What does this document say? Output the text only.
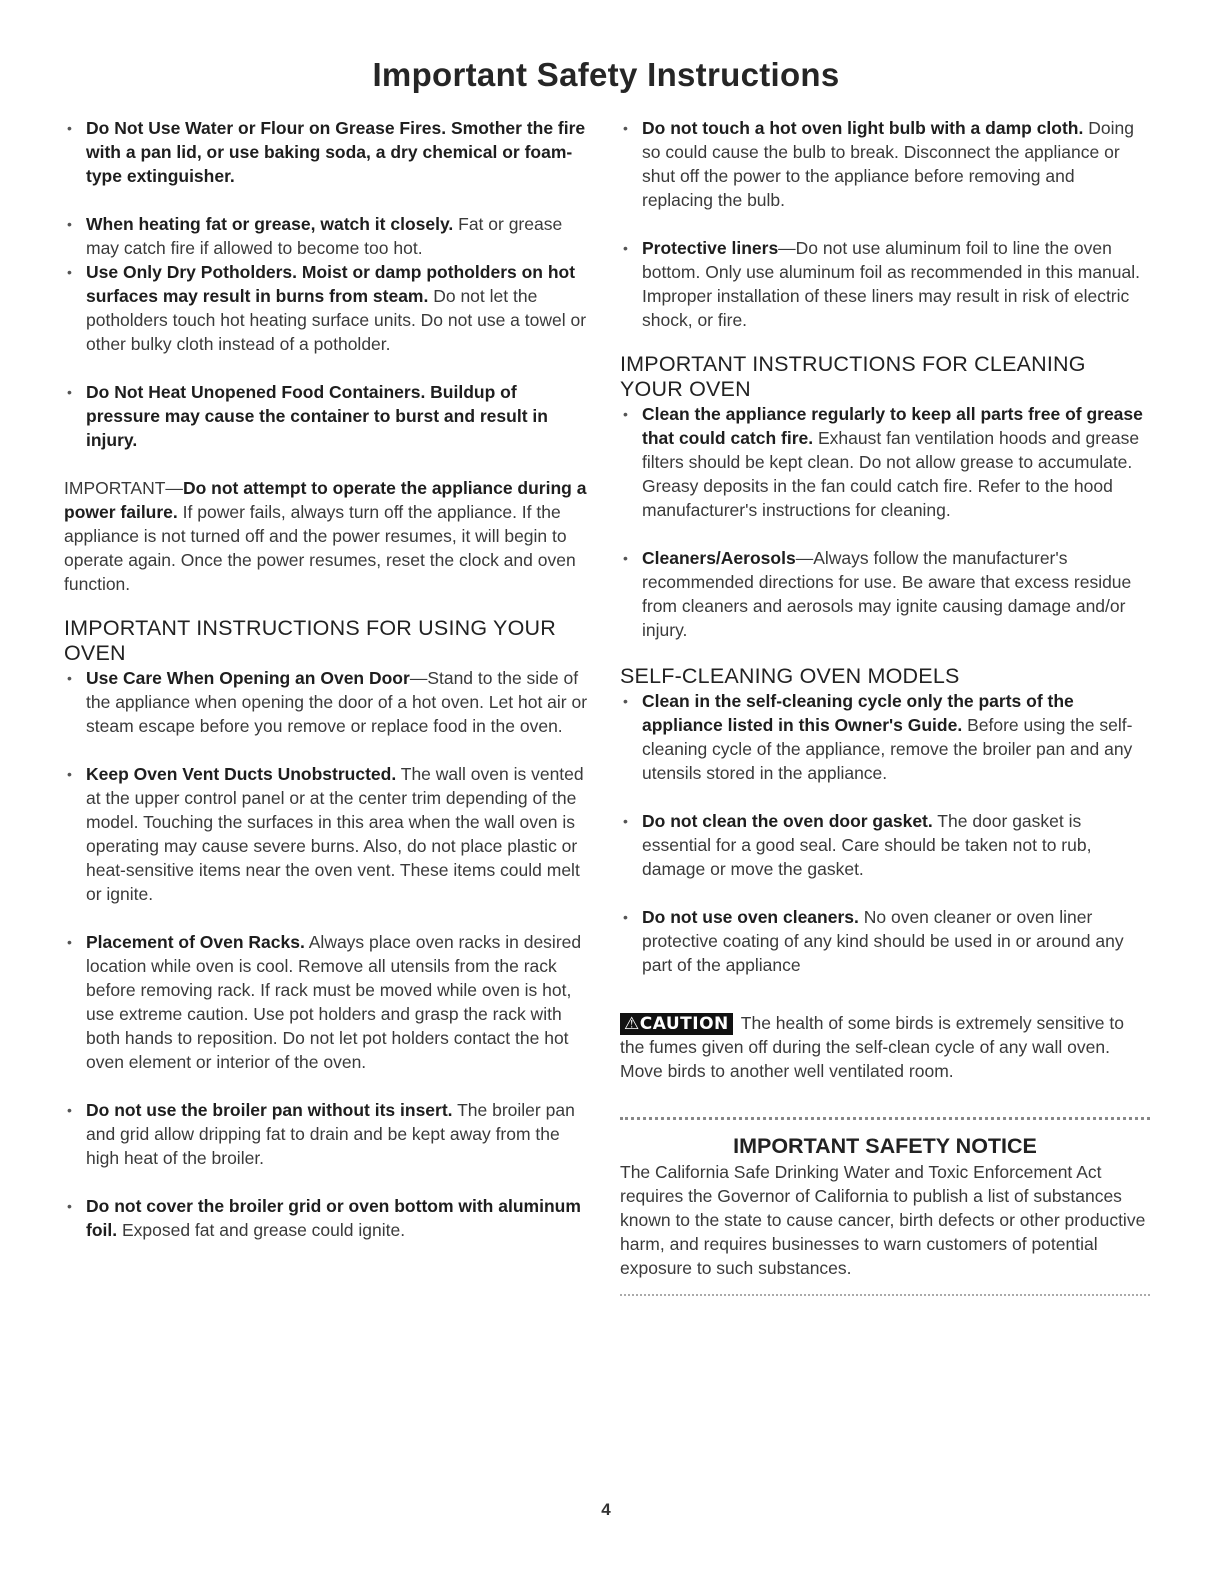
Important Safety Instructions
• Do Not Use Water or Flour on Grease Fires. Smother the fire with a pan lid, or use baking soda, a dry chemical or foam-type extinguisher.
• When heating fat or grease, watch it closely. Fat or grease may catch fire if allowed to become too hot.
• Use Only Dry Potholders. Moist or damp potholders on hot surfaces may result in burns from steam. Do not let the potholders touch hot heating surface units. Do not use a towel or other bulky cloth instead of a potholder.
• Do Not Heat Unopened Food Containers. Buildup of pressure may cause the container to burst and result in injury.
IMPORTANT—Do not attempt to operate the appliance during a power failure. If power fails, always turn off the appliance. If the appliance is not turned off and the power resumes, it will begin to operate again. Once the power resumes, reset the clock and oven function.
IMPORTANT INSTRUCTIONS FOR USING YOUR OVEN
• Use Care When Opening an Oven Door—Stand to the side of the appliance when opening the door of a hot oven. Let hot air or steam escape before you remove or replace food in the oven.
• Keep Oven Vent Ducts Unobstructed. The wall oven is vented at the upper control panel or at the center trim depending of the model. Touching the surfaces in this area when the wall oven is operating may cause severe burns. Also, do not place plastic or heat-sensitive items near the oven vent. These items could melt or ignite.
• Placement of Oven Racks. Always place oven racks in desired location while oven is cool. Remove all utensils from the rack before removing rack. If rack must be moved while oven is hot, use extreme caution. Use pot holders and grasp the rack with both hands to reposition. Do not let pot holders contact the hot oven element or interior of the oven.
• Do not use the broiler pan without its insert. The broiler pan and grid allow dripping fat to drain and be kept away from the high heat of the broiler.
• Do not cover the broiler grid or oven bottom with aluminum foil. Exposed fat and grease could ignite.
• Do not touch a hot oven light bulb with a damp cloth. Doing so could cause the bulb to break. Disconnect the appliance or shut off the power to the appliance before removing and replacing the bulb.
• Protective liners—Do not use aluminum foil to line the oven bottom. Only use aluminum foil as recommended in this manual. Improper installation of these liners may result in risk of electric shock, or fire.
IMPORTANT INSTRUCTIONS FOR CLEANING YOUR OVEN
• Clean the appliance regularly to keep all parts free of grease that could catch fire. Exhaust fan ventilation hoods and grease filters should be kept clean. Do not allow grease to accumulate. Greasy deposits in the fan could catch fire. Refer to the hood manufacturer's instructions for cleaning.
• Cleaners/Aerosols—Always follow the manufacturer's recommended directions for use. Be aware that excess residue from cleaners and aerosols may ignite causing damage and/or injury.
SELF-CLEANING OVEN MODELS
• Clean in the self-cleaning cycle only the parts of the appliance listed in this Owner's Guide. Before using the self-cleaning cycle of the appliance, remove the broiler pan and any utensils stored in the appliance.
• Do not clean the oven door gasket. The door gasket is essential for a good seal. Care should be taken not to rub, damage or move the gasket.
• Do not use oven cleaners. No oven cleaner or oven liner protective coating of any kind should be used in or around any part of the appliance
⚠CAUTION The health of some birds is extremely sensitive to the fumes given off during the self-clean cycle of any wall oven. Move birds to another well ventilated room.
IMPORTANT SAFETY NOTICE
The California Safe Drinking Water and Toxic Enforcement Act requires the Governor of California to publish a list of substances known to the state to cause cancer, birth defects or other productive harm, and requires businesses to warn customers of potential exposure to such substances.
4
